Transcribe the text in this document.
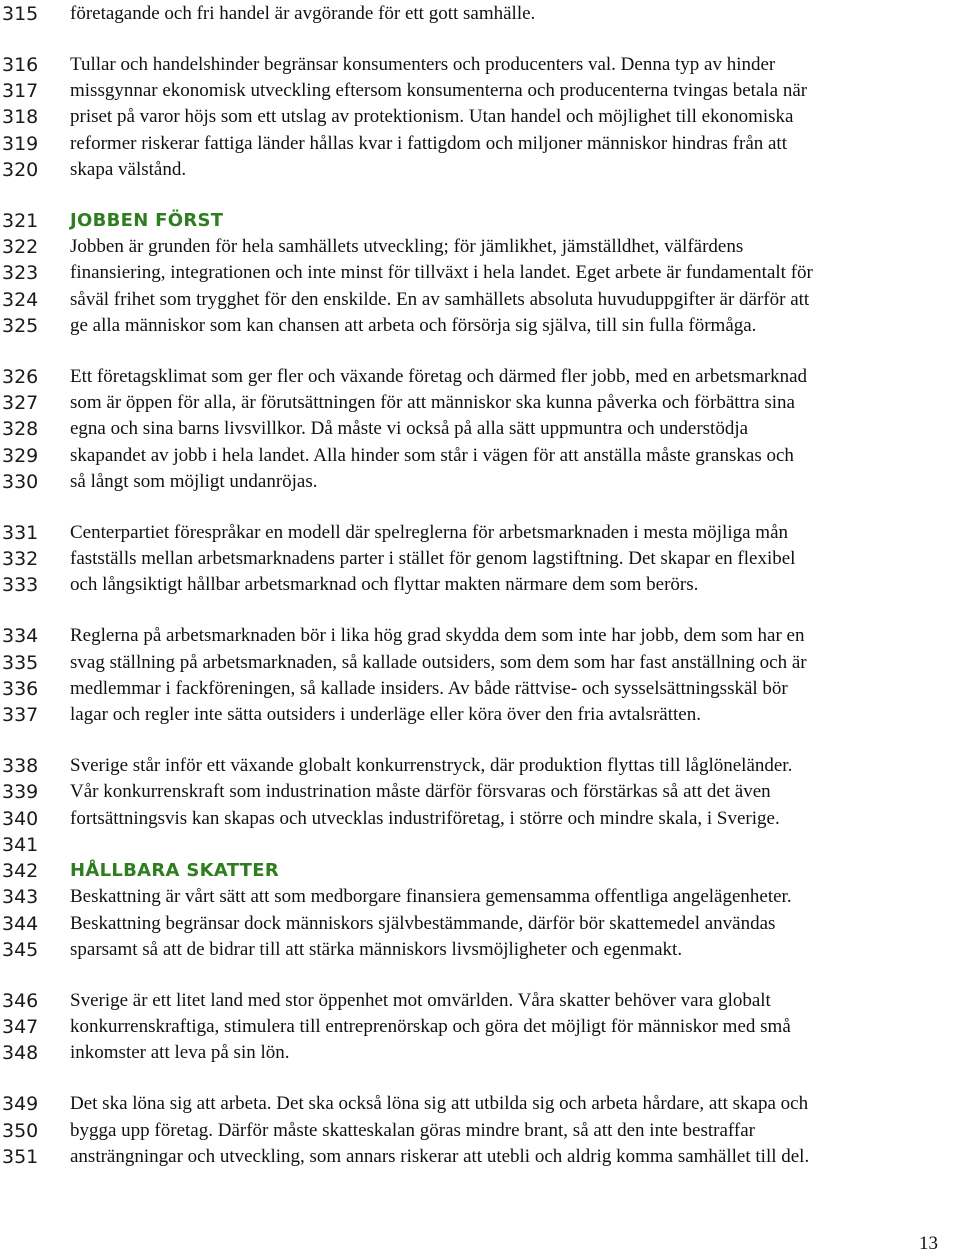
13
315	företagande och fri handel är avgörande för ett gott samhälle.
316	Tullar och handelshinder begränsar konsumenters och producenters val. Denna typ av hinder
317	missgynnar ekonomisk utveckling eftersom konsumenterna och producenterna tvingas betala när
318	priset på varor höjs som ett utslag av protektionism. Utan handel och möjlighet till ekonomiska
319	reformer riskerar fattiga länder hållas kvar i fattigdom och miljoner människor hindras från att
320	skapa välstånd.
321	JOBBEN FÖRST
322	Jobben är grunden för hela samhällets utveckling; för jämlikhet, jämställdhet, välfärdens
323	finansiering, integrationen och inte minst för tillväxt i hela landet. Eget arbete är fundamentalt för
324	såväl frihet som trygghet för den enskilde. En av samhällets absoluta huvuduppgifter är därför att
325	ge alla människor som kan chansen att arbeta och försörja sig själva, till sin fulla förmåga.
326	Ett företagsklimat som ger fler och växande företag och därmed fler jobb, med en arbetsmarknad
327	som är öppen för alla, är förutsättningen för att människor ska kunna påverka och förbättra sina
328	egna och sina barns livsvillkor. Då måste vi också på alla sätt uppmuntra och understödja
329	skapandet av jobb i hela landet. Alla hinder som står i vägen för att anställa måste granskas och
330	så långt som möjligt undanröjas.
331	Centerpartiet förespråkar en modell där spelreglerna för arbetsmarknaden i mesta möjliga mån
332	fastställs mellan arbetsmarknadens parter i stället för genom lagstiftning. Det skapar en flexibel
333	och långsiktigt hållbar arbetsmarknad och flyttar makten närmare dem som berörs.
334	Reglerna på arbetsmarknaden bör i lika hög grad skydda dem som inte har jobb, dem som har en
335	svag ställning på arbetsmarknaden, så kallade outsiders, som dem som har fast anställning och är
336	medlemmar i fackföreningen, så kallade insiders. Av både rättvise- och sysselsättningsskäl bör
337	lagar och regler inte sätta outsiders i underläge eller köra över den fria avtalsrätten.
338	Sverige står inför ett växande globalt konkurrenstryck, där produktion flyttas till låglöneländer.
339	Vår konkurrenskraft som industrination måste därför försvaras och förstärkas så att det även
340	fortsättningsvis kan skapas och utvecklas industriföretag, i större och mindre skala, i Sverige.
341
342	HÅLLBARA SKATTER
343	Beskattning är vårt sätt att som medborgare finansiera gemensamma offentliga angelägenheter.
344	Beskattning begränsar dock människors självbestämmande, därför bör skattemedel användas
345	sparsamt så att de bidrar till att stärka människors livsmöjligheter och egenmakt.
346	Sverige är ett litet land med stor öppenhet mot omvärlden. Våra skatter behöver vara globalt
347	konkurrenskraftiga, stimulera till entreprenörskap och göra det möjligt för människor med små
348	inkomster att leva på sin lön.
349	Det ska löna sig att arbeta. Det ska också löna sig att utbilda sig och arbeta hårdare, att skapa och
350	bygga upp företag. Därför måste skatteskalan göras mindre brant, så att den inte bestraffar
351	ansträngningar och utveckling, som annars riskerar att utebli och aldrig komma samhället till del.
